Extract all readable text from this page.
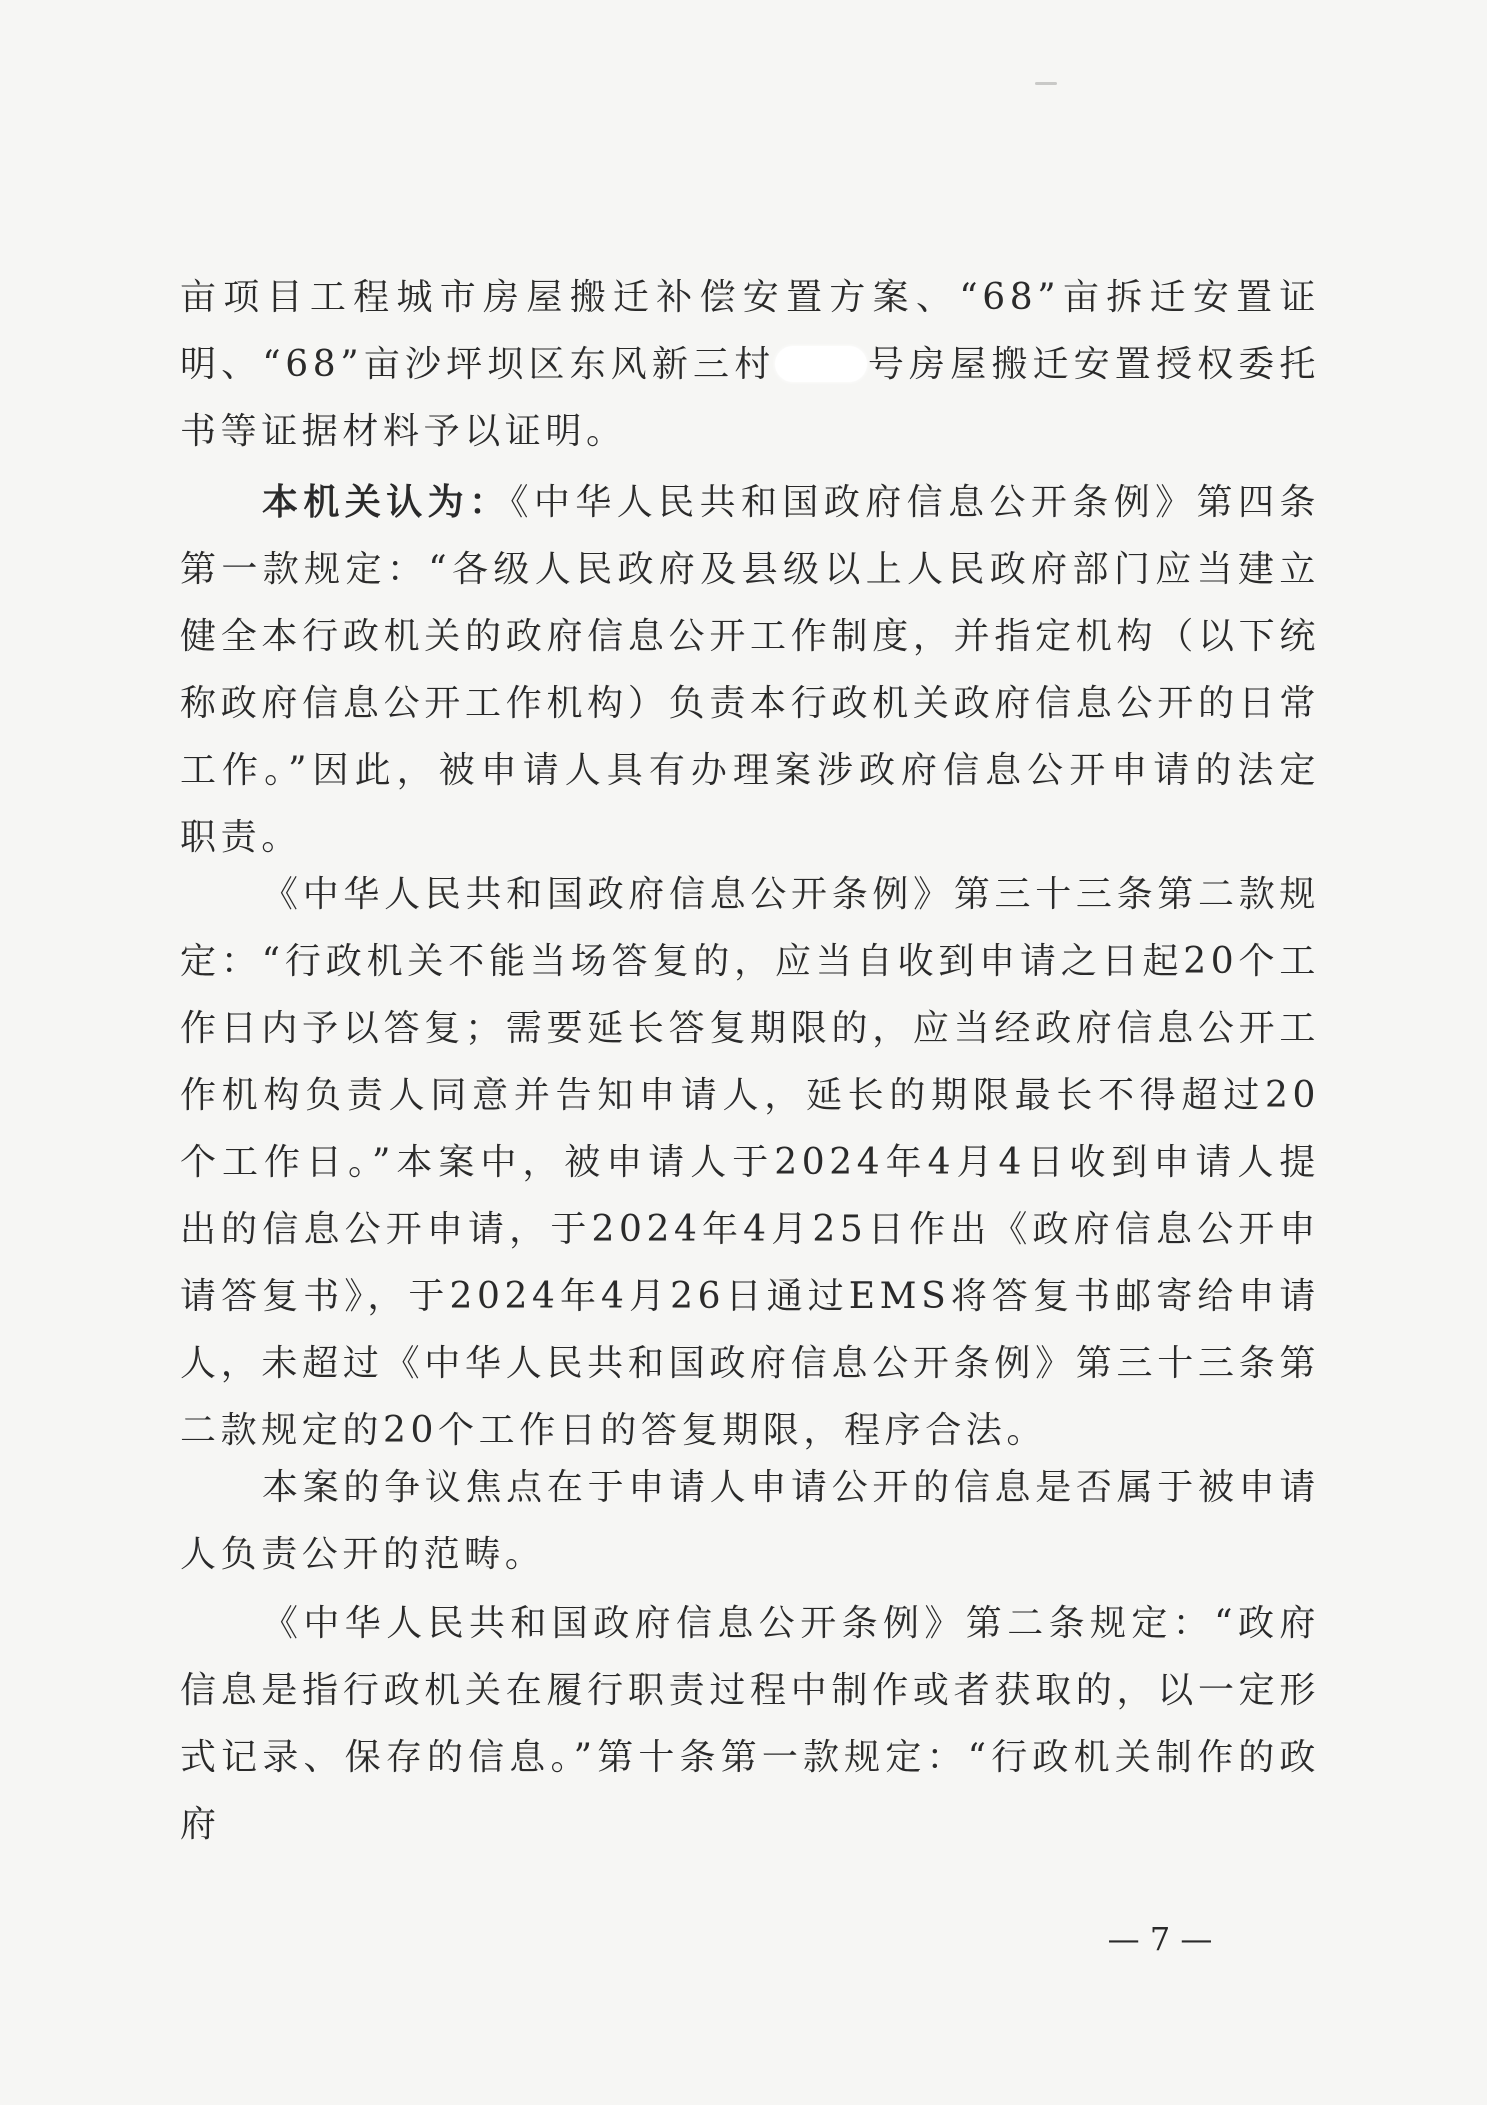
亩项目工程城市房屋搬迁补偿安置方案、“68”亩拆迁安置证明、“68”亩沙坪坝区东风新三村	号房屋搬迁安置授权委托书等证据材料予以证明。

本机关认为：《中华人民共和国政府信息公开条例》第四条第一款规定：“各级人民政府及县级以上人民政府部门应当建立健全本行政机关的政府信息公开工作制度，并指定机构（以下统称政府信息公开工作机构）负责本行政机关政府信息公开的日常工作。”因此，被申请人具有办理案涉政府信息公开申请的法定职责。

《中华人民共和国政府信息公开条例》第三十三条第二款规定：“行政机关不能当场答复的，应当自收到申请之日起20个工作日内予以答复；需要延长答复期限的，应当经政府信息公开工作机构负责人同意并告知申请人，延长的期限最长不得超过20个工作日。”本案中，被申请人于2024年4月4日收到申请人提出的信息公开申请，于2024年4月25日作出《政府信息公开申请答复书》，于2024年4月26日通过EMS将答复书邮寄给申请人，未超过《中华人民共和国政府信息公开条例》第三十三条第二款规定的20个工作日的答复期限，程序合法。

本案的争议焦点在于申请人申请公开的信息是否属于被申请人负责公开的范畴。

《中华人民共和国政府信息公开条例》第二条规定：“政府信息是指行政机关在履行职责过程中制作或者获取的，以一定形式记录、保存的信息。”第十条第一款规定：“行政机关制作的政府

— 7 —
